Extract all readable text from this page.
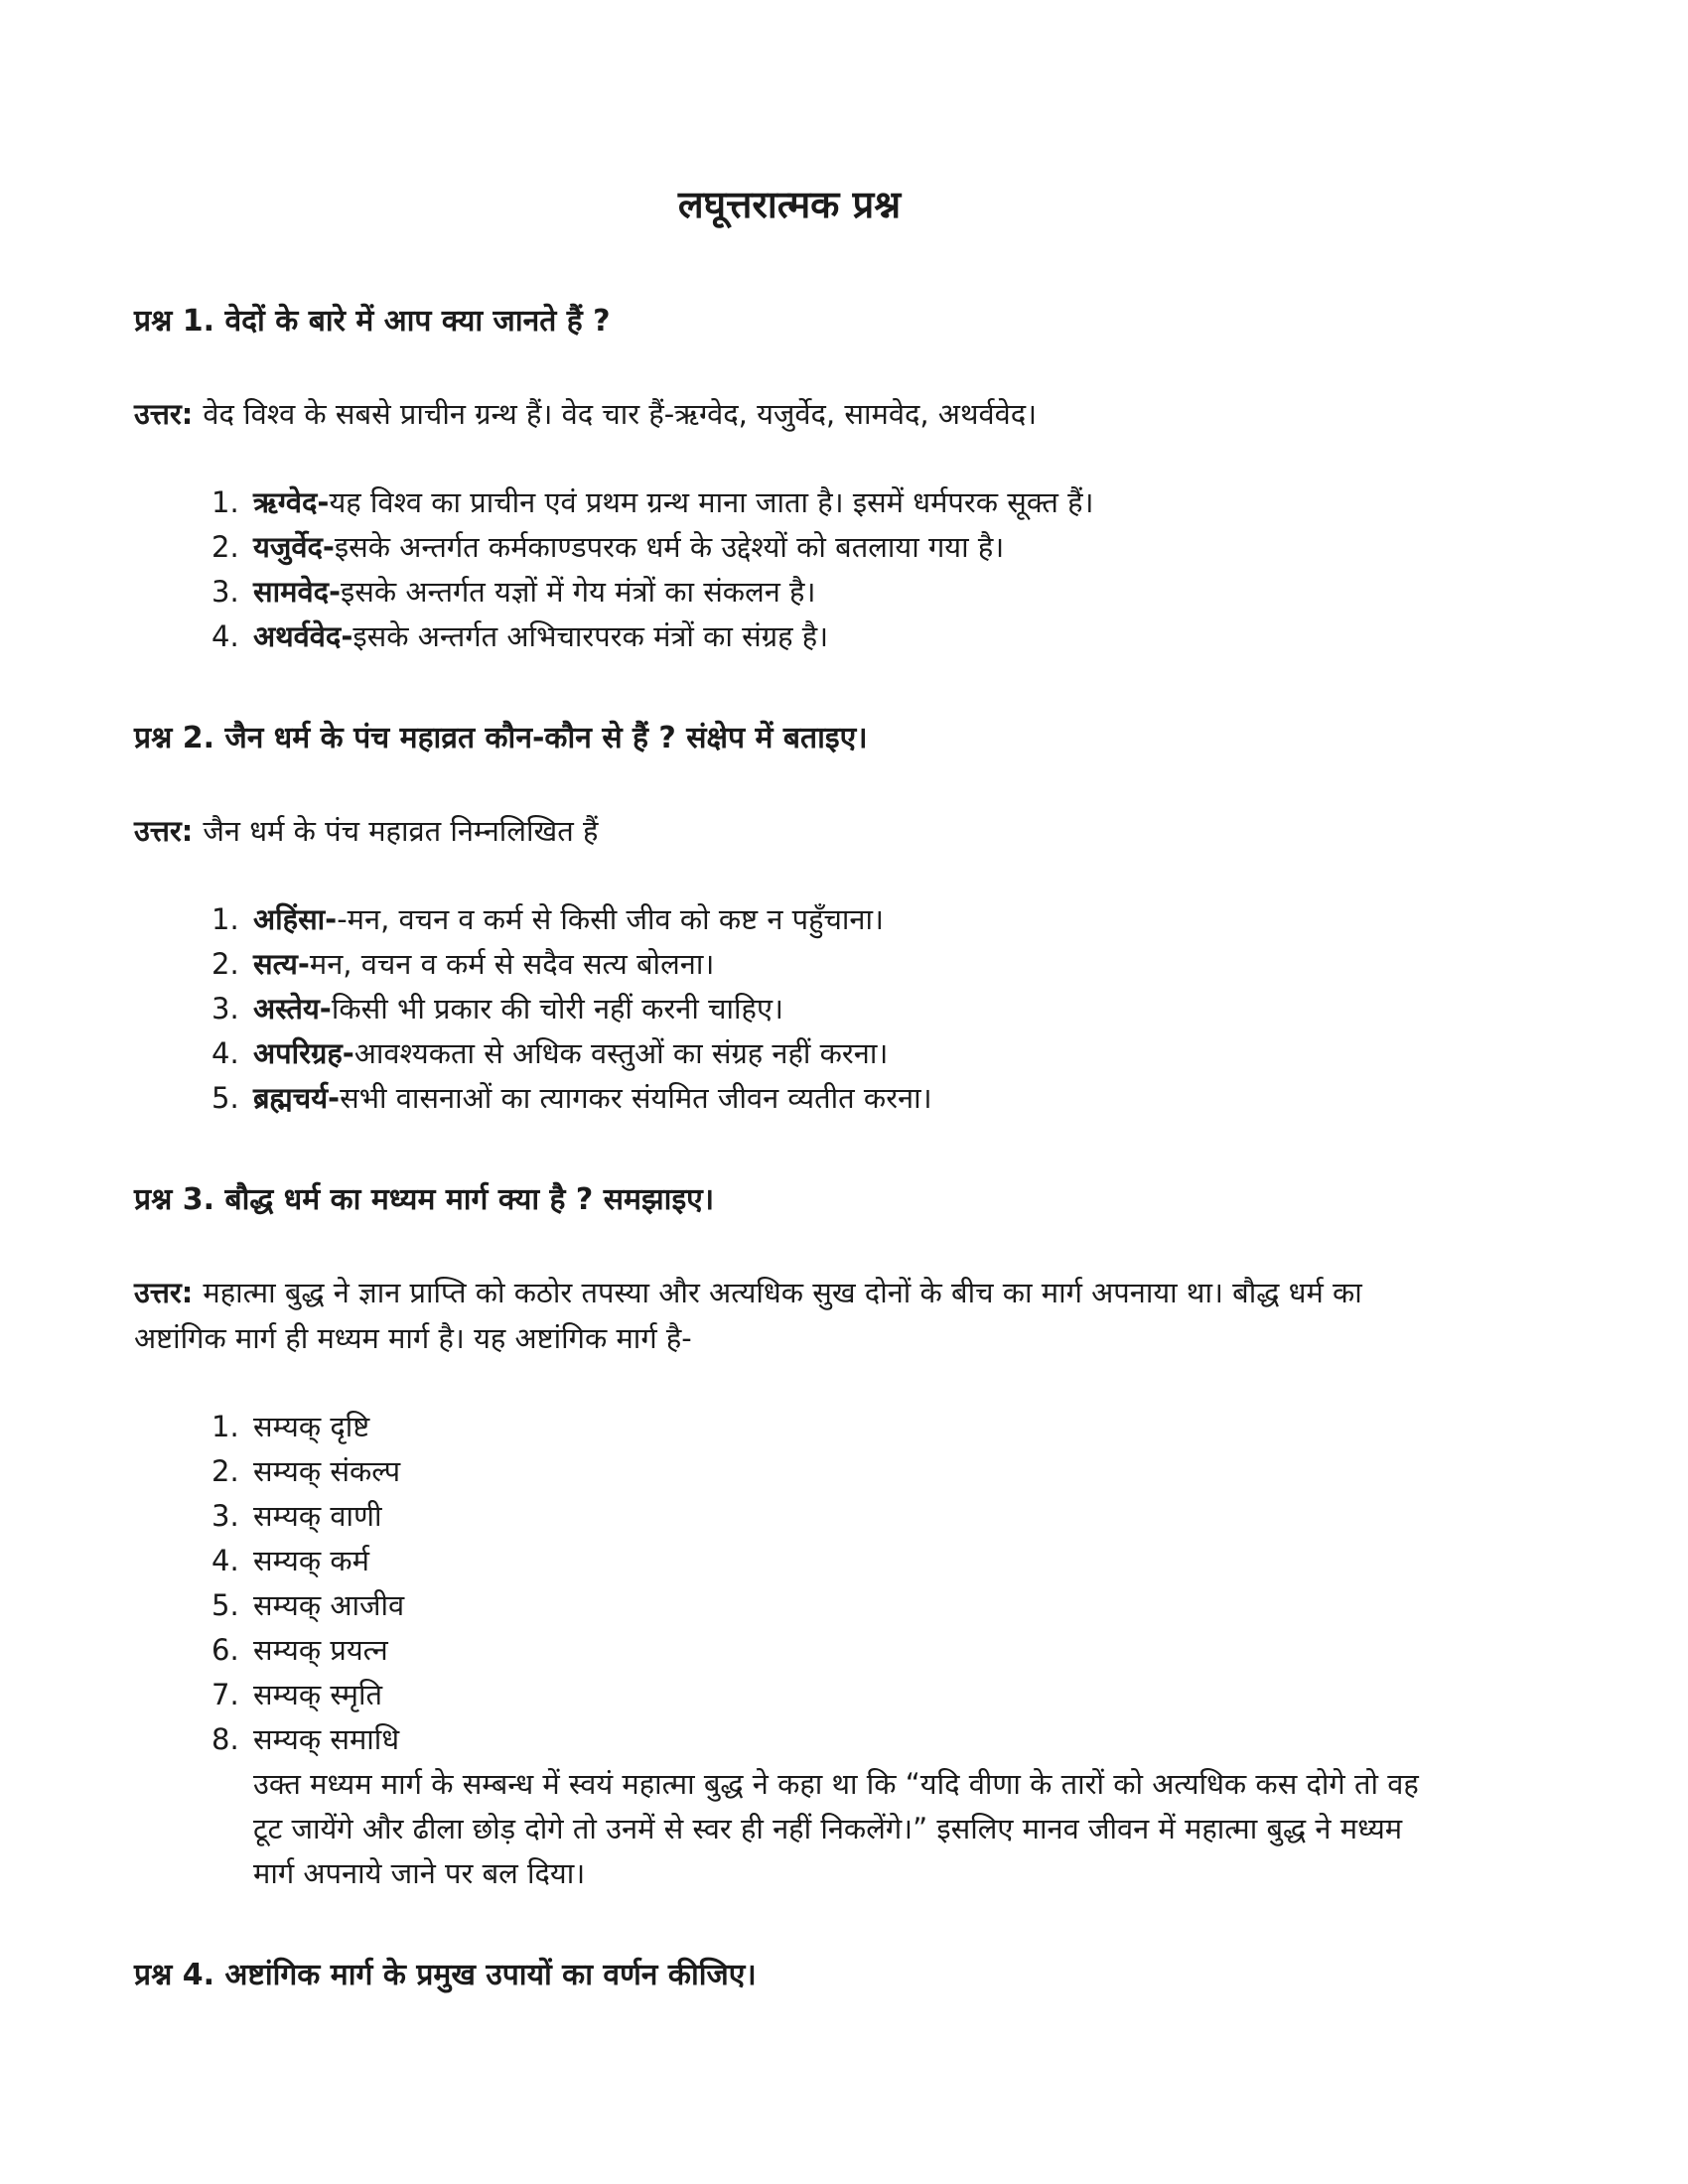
लघूत्तरात्मक प्रश्न

प्रश्न 1. वेदों के बारे में आप क्या जानते हैं ?

उत्तर: वेद विश्व के सबसे प्राचीन ग्रन्थ हैं। वेद चार हैं-ऋग्वेद, यजुर्वेद, सामवेद, अथर्ववेद।

1. ऋग्वेद-यह विश्व का प्राचीन एवं प्रथम ग्रन्थ माना जाता है। इसमें धर्मपरक सूक्त हैं।
2. यजुर्वेद-इसके अन्तर्गत कर्मकाण्डपरक धर्म के उद्देश्यों को बतलाया गया है।
3. सामवेद-इसके अन्तर्गत यज्ञों में गेय मंत्रों का संकलन है।
4. अथर्ववेद-इसके अन्तर्गत अभिचारपरक मंत्रों का संग्रह है।

प्रश्न 2. जैन धर्म के पंच महाव्रत कौन-कौन से हैं ? संक्षेप में बताइए।

उत्तर: जैन धर्म के पंच महाव्रत निम्नलिखित हैं

1. अहिंसा--मन, वचन व कर्म से किसी जीव को कष्ट न पहुँचाना।
2. सत्य-मन, वचन व कर्म से सदैव सत्य बोलना।
3. अस्तेय-किसी भी प्रकार की चोरी नहीं करनी चाहिए।
4. अपरिग्रह-आवश्यकता से अधिक वस्तुओं का संग्रह नहीं करना।
5. ब्रह्मचर्य-सभी वासनाओं का त्यागकर संयमित जीवन व्यतीत करना।

प्रश्न 3. बौद्ध धर्म का मध्यम मार्ग क्या है ? समझाइए।

उत्तर: महात्मा बुद्ध ने ज्ञान प्राप्ति को कठोर तपस्या और अत्यधिक सुख दोनों के बीच का मार्ग अपनाया था। बौद्ध धर्म का अष्टांगिक मार्ग ही मध्यम मार्ग है। यह अष्टांगिक मार्ग है-

1. सम्यक् दृष्टि
2. सम्यक् संकल्प
3. सम्यक् वाणी
4. सम्यक् कर्म
5. सम्यक् आजीव
6. सम्यक् प्रयत्न
7. सम्यक् स्मृति
8. सम्यक् समाधि

उक्त मध्यम मार्ग के सम्बन्ध में स्वयं महात्मा बुद्ध ने कहा था कि “यदि वीणा के तारों को अत्यधिक कस दोगे तो वह टूट जायेंगे और ढीला छोड़ दोगे तो उनमें से स्वर ही नहीं निकलेंगे।” इसलिए मानव जीवन में महात्मा बुद्ध ने मध्यम मार्ग अपनाये जाने पर बल दिया।

प्रश्न 4. अष्टांगिक मार्ग के प्रमुख उपायों का वर्णन कीजिए।
